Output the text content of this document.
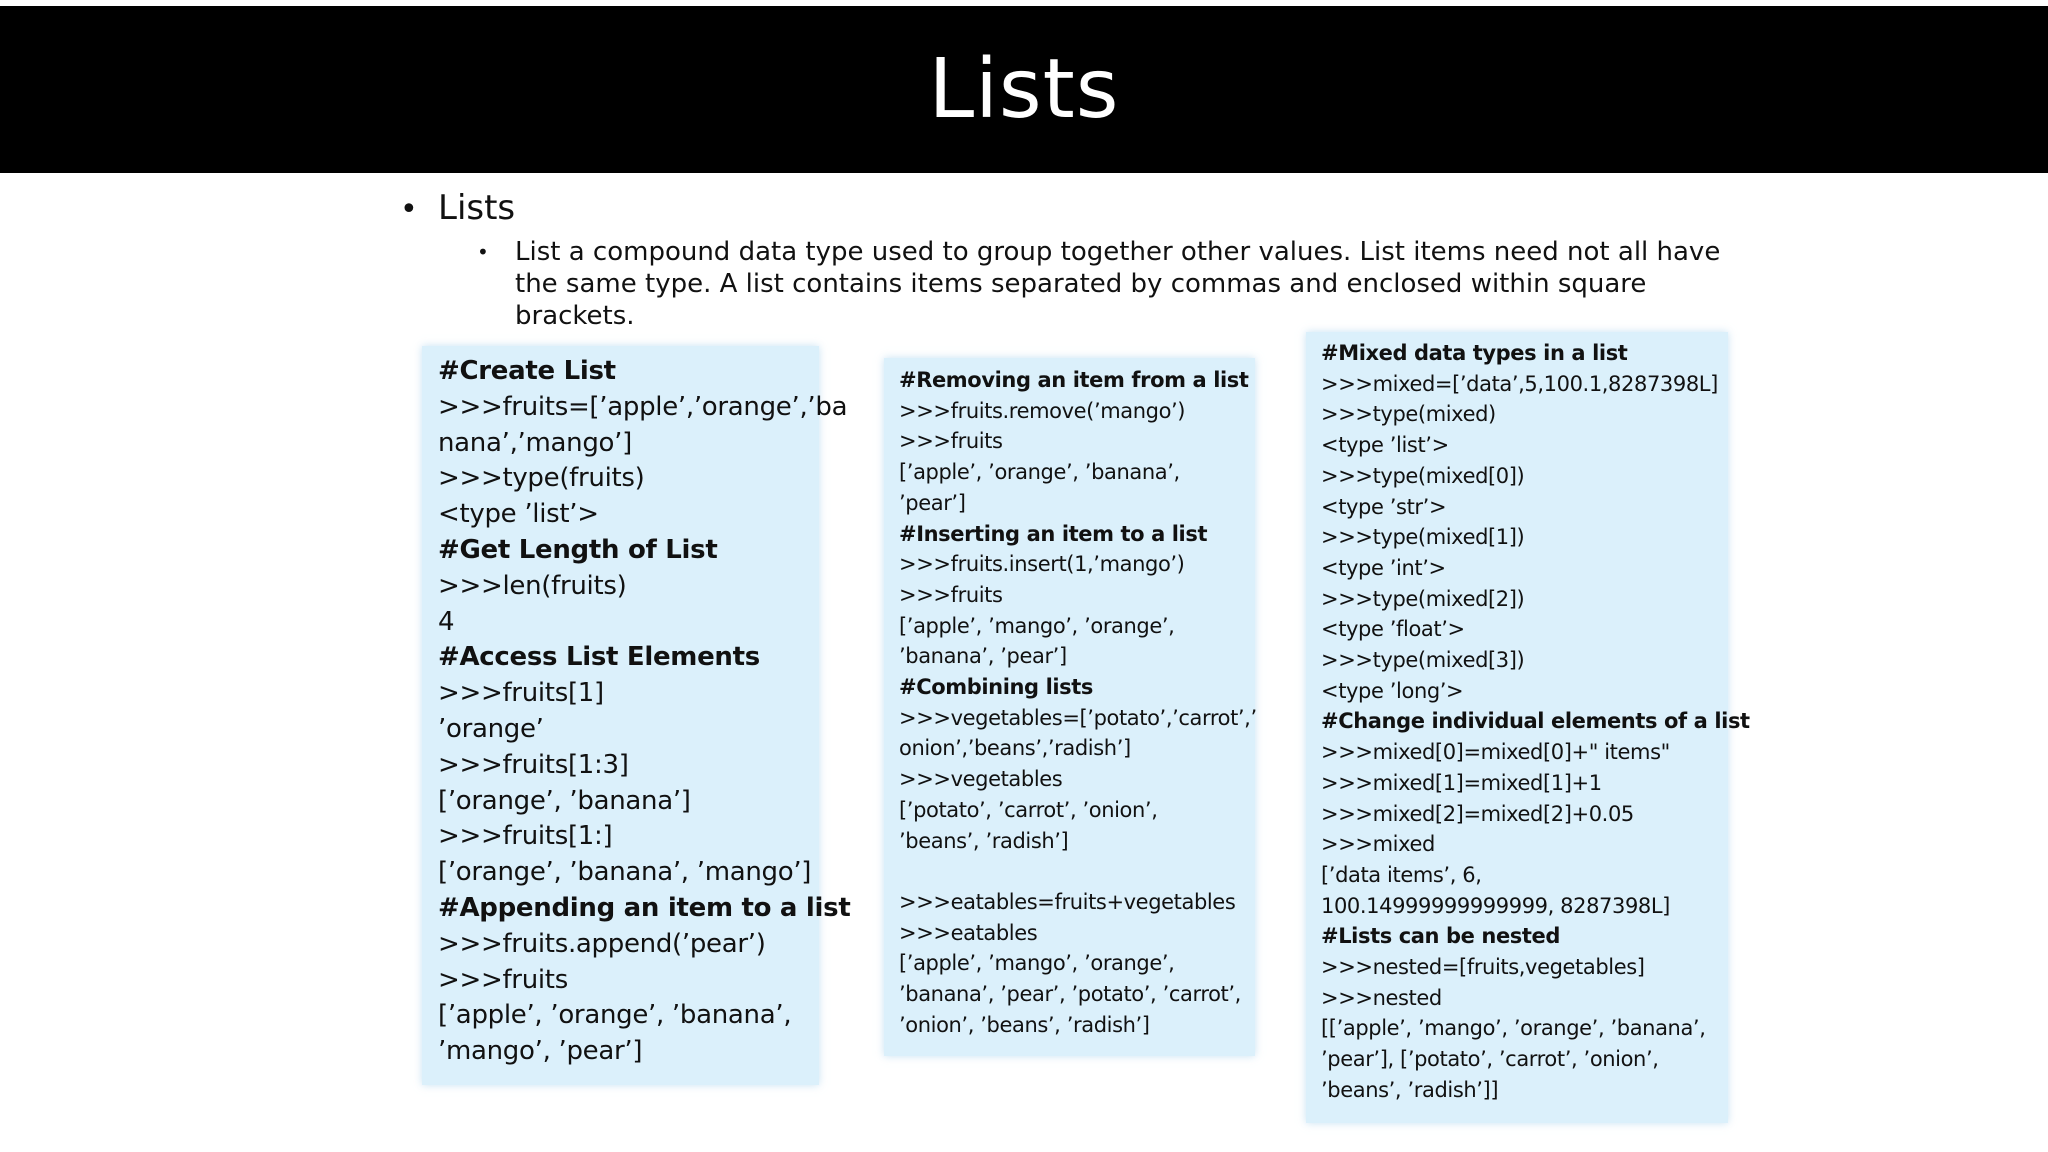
Lists
• Lists
•	List a compound data type used to group together other values. List items need not all have the same type. A list contains items separated by commas and enclosed within square brackets.
#Create List
>>>fruits=[’apple’,’orange’,’ba
nana’,’mango’]
>>>type(fruits)
<type ’list’>
#Get Length of List
>>>len(fruits)
4
#Access List Elements
>>>fruits[1]
’orange’
>>>fruits[1:3]
[’orange’, ’banana’]
>>>fruits[1:]
[’orange’, ’banana’, ’mango’]
#Appending an item to a list
>>>fruits.append(’pear’)
>>>fruits
[’apple’, ’orange’, ’banana’,
’mango’, ’pear’]
#Removing an item from a list
>>>fruits.remove(’mango’)
>>>fruits
[’apple’, ’orange’, ’banana’,
’pear’]
#Inserting an item to a list
>>>fruits.insert(1,’mango’)
>>>fruits
[’apple’, ’mango’, ’orange’,
’banana’, ’pear’]
#Combining lists
>>>vegetables=[’potato’,’carrot’,’
onion’,’beans’,’radish’]
>>>vegetables
[’potato’, ’carrot’, ’onion’,
’beans’, ’radish’]

>>>eatables=fruits+vegetables
>>>eatables
[’apple’, ’mango’, ’orange’,
’banana’, ’pear’, ’potato’, ’carrot’,
’onion’, ’beans’, ’radish’]
#Mixed data types in a list
>>>mixed=[’data’,5,100.1,8287398L]
>>>type(mixed)
<type ’list’>
>>>type(mixed[0])
<type ’str’>
>>>type(mixed[1])
<type ’int’>
>>>type(mixed[2])
<type ’float’>
>>>type(mixed[3])
<type ’long’>
#Change individual elements of a list
>>>mixed[0]=mixed[0]+" items"
>>>mixed[1]=mixed[1]+1
>>>mixed[2]=mixed[2]+0.05
>>>mixed
[’data items’, 6,
100.14999999999999, 8287398L]
#Lists can be nested
>>>nested=[fruits,vegetables]
>>>nested
[[’apple’, ’mango’, ’orange’, ’banana’,
’pear’], [’potato’, ’carrot’, ’onion’,
’beans’, ’radish’]]
